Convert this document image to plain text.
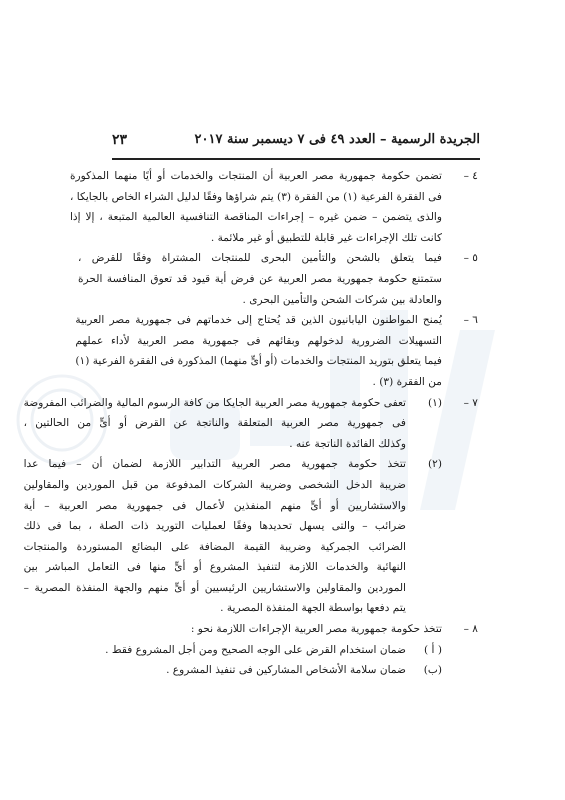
الجريدة الرسمية – العدد ٤٩ فى ٧ ديسمبر سنة ٢٠١٧
٢٣
٤ –
تضمن حكومة جمهورية مصر العربية أن المنتجات والخدمات أو أيًا منهما المذكورة
فى الفقرة الفرعية (١) من الفقرة (٣) يتم شراؤها وفقًا لدليل الشراء الخاص بالجايكا ،
والذى يتضمن – ضمن غيره – إجراءات المناقصة التنافسية العالمية المتبعة ، إلا إذا
كانت تلك الإجراءات غير قابلة للتطبيق أو غير ملائمة .
٥ –
فيما يتعلق بالشحن والتأمين البحرى للمنتجات المشتراة وفقًا للقرض ،
ستمتنع حكومة جمهورية مصر العربية عن فرض أية قيود قد تعوق المنافسة الحرة
والعادلة بين شركات الشحن والتأمين البحرى .
٦ –
يُمنح المواطنون اليابانيون الذين قد يُحتاج إلى خدماتهم فى جمهورية مصر العربية
التسهيلات الضرورية لدخولهم وبقائهم فى جمهورية مصر العربية لأداء عملهم
فيما يتعلق بتوريد المنتجات والخدمات (أو أىٍّ منهما) المذكورة فى الفقرة الفرعية (١)
من الفقرة (٣) .
٧ –
(١)
تعفى حكومة جمهورية مصر العربية الجايكا من كافة الرسوم المالية والضرائب المفروضة
فى جمهورية مصر العربية المتعلقة والناتجة عن القرض أو أىٍّ من الحالتين ،
وكذلك الفائدة الناتجة عنه .
(٢)
تتخذ حكومة جمهورية مصر العربية التدابير اللازمة لضمان أن – فيما عدا
ضريبة الدخل الشخصى وضريبة الشركات المدفوعة من قبل الموردين والمقاولين
والاستشاريين أو أىٍّ منهم المنفذين لأعمال فى جمهورية مصر العربية – أية
ضرائب – والتى يسهل تحديدها وفقًا لعمليات التوريد ذات الصلة ، بما فى ذلك
الضرائب الجمركية وضريبة القيمة المضافة على البضائع المستوردة والمنتجات
النهائية والخدمات اللازمة لتنفيذ المشروع أو أىٍّ منها فى التعامل المباشر بين
الموردين والمقاولين والاستشاريين الرئيسيين أو أىٍّ منهم والجهة المنفذة المصرية –
يتم دفعها بواسطة الجهة المنفذة المصرية .
٨ –
تتخذ حكومة جمهورية مصر العربية الإجراءات اللازمة نحو :
( أ )
ضمان استخدام القرض على الوجه الصحيح ومن أجل المشروع فقط .
(ب)
ضمان سلامة الأشخاص المشاركين فى تنفيذ المشروع .
